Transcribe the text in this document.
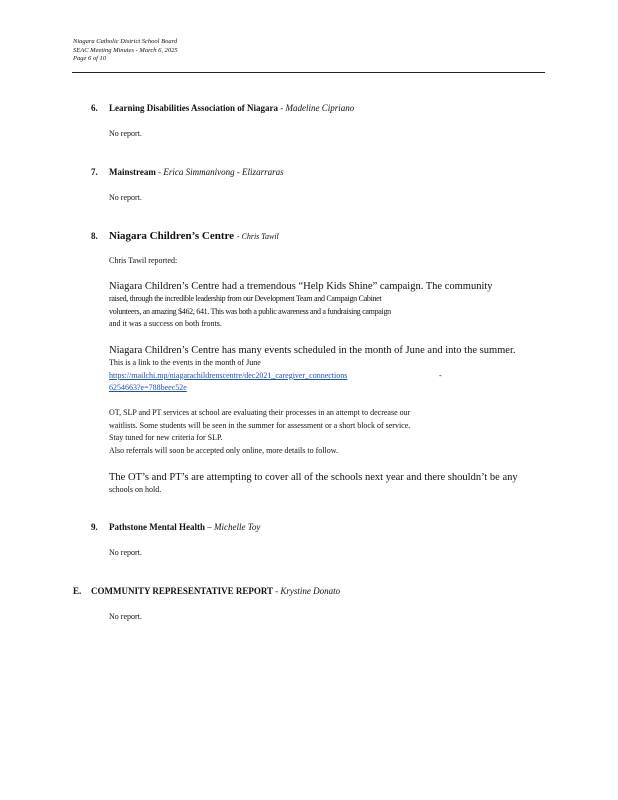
Niagara Catholic District School Board
SEAC Meeting Minutes - March 6, 2025
Page 6 of 10
6. Learning Disabilities Association of Niagara - Madeline Cipriano
No report.
7. Mainstream - Erica Simmanivong - Elizarraras
No report.
8. Niagara Children’s Centre - Chris Tawil
Chris Tawil reported:
Niagara Children’s Centre had a tremendous “Help Kids Shine” campaign. The community
raised, through the incredible leadership from our Development Team and Campaign Cabinet
volunteers, an amazing $462, 641. This was both a public awareness and a fundraising campaign
and it was a success on both fronts.
Niagara Children’s Centre has many events scheduled in the month of June and into the summer.
This is a link to the events in the month of June
https://mailchi.mp/niagarachildrenscentre/dec2021_caregiver_connections	-
6254663?e=788beec52e
OT, SLP and PT services at school are evaluating their processes in an attempt to decrease our
waitlists. Some students will be seen in the summer for assessment or a short block of service.
Stay tuned for new criteria for SLP.
Also referrals will soon be accepted only online, more details to follow.
The OT’s and PT’s are attempting to cover all of the schools next year and there shouldn’t be any
schools on hold.
9. Pathstone Mental Health – Michelle Toy
No report.
E. COMMUNITY REPRESENTATIVE REPORT - Krystine Donato
No report.
